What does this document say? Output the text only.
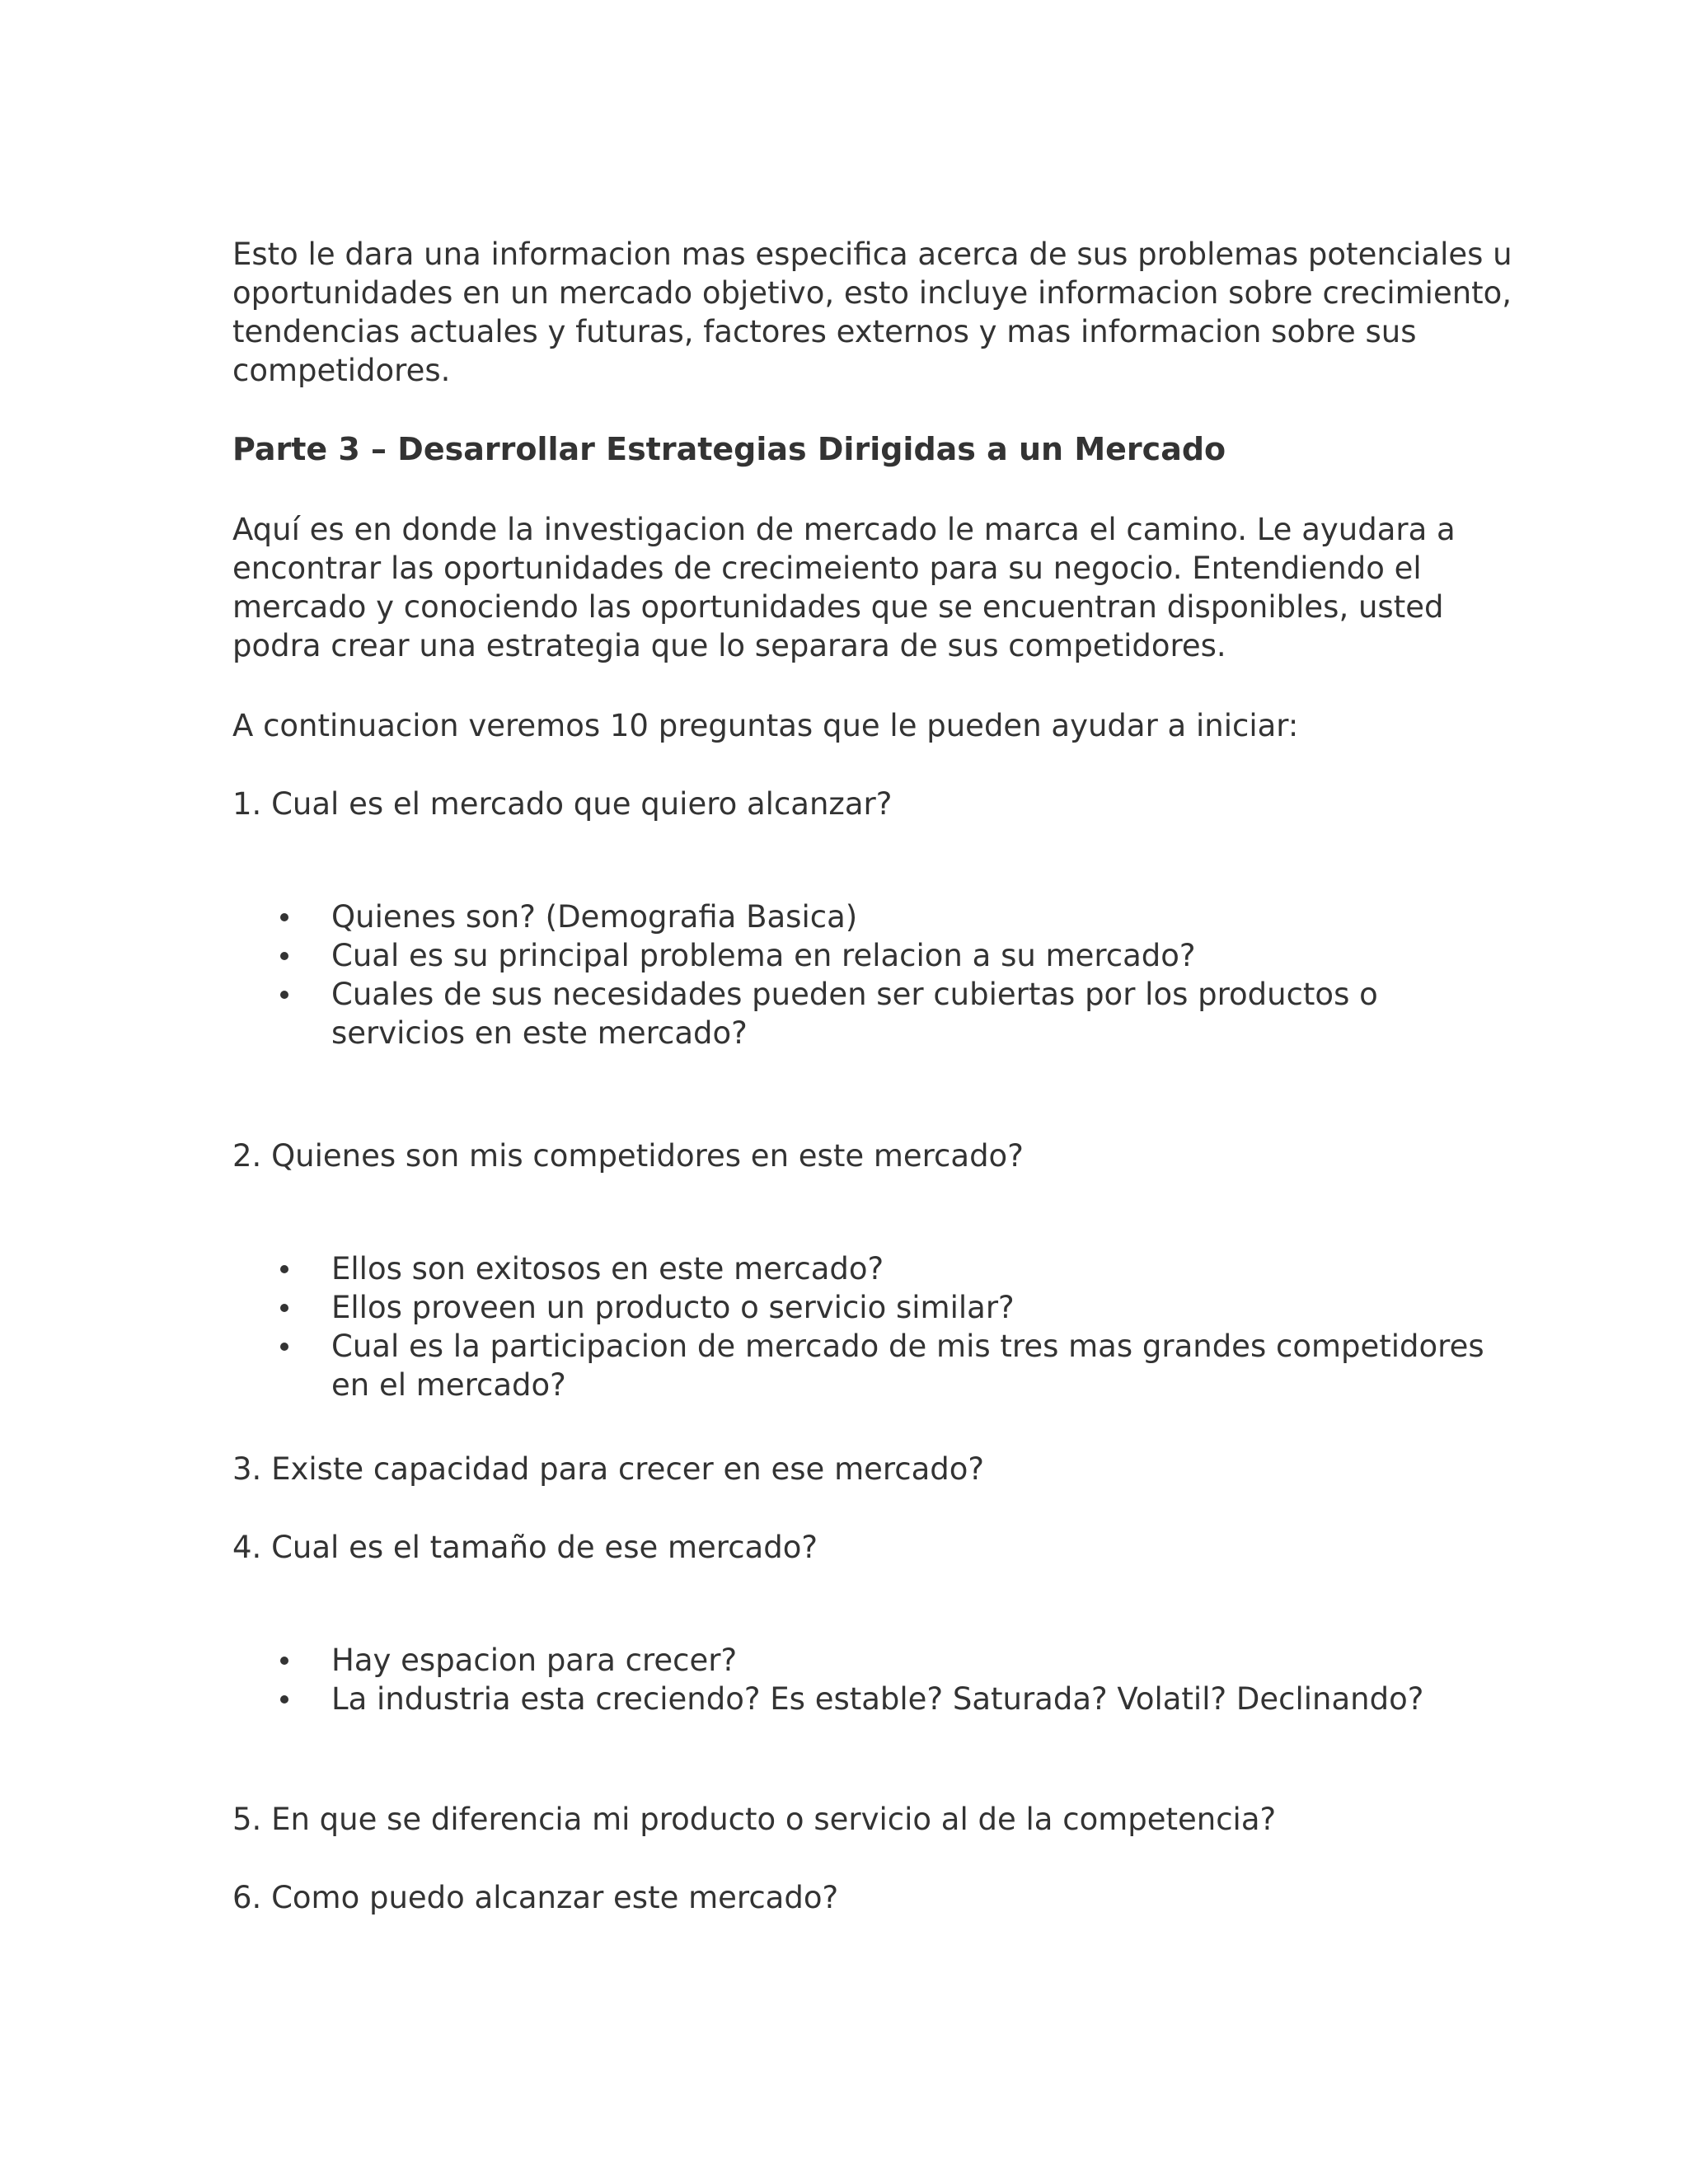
Esto le dara una informacion mas especifica acerca de sus problemas potenciales u
oportunidades en un mercado objetivo, esto incluye informacion sobre crecimiento,
tendencias actuales y futuras, factores externos y mas informacion sobre sus
competidores.

Parte 3 – Desarrollar Estrategias Dirigidas a un Mercado

Aquí es en donde la investigacion de mercado le marca el camino. Le ayudara a
encontrar las oportunidades de crecimeiento para su negocio. Entendiendo el
mercado y conociendo las oportunidades que se encuentran disponibles, usted
podra crear una estrategia que lo separara de sus competidores.

A continuacion veremos 10 preguntas que le pueden ayudar a iniciar:

1. Cual es el mercado que quiero alcanzar?

Quienes son? (Demografia Basica)
Cual es su principal problema en relacion a su mercado?
Cuales de sus necesidades pueden ser cubiertas por los productos o
servicios en este mercado?

2. Quienes son mis competidores en este mercado?

Ellos son exitosos en este mercado?
Ellos proveen un producto o servicio similar?
Cual es la participacion de mercado de mis tres mas grandes competidores
en el mercado?

3. Existe capacidad para crecer en ese mercado?

4. Cual es el tamaño de ese mercado?

Hay espacion para crecer?
La industria esta creciendo? Es estable? Saturada? Volatil? Declinando?

5. En que se diferencia mi producto o servicio al de la competencia?

6. Como puedo alcanzar este mercado?
